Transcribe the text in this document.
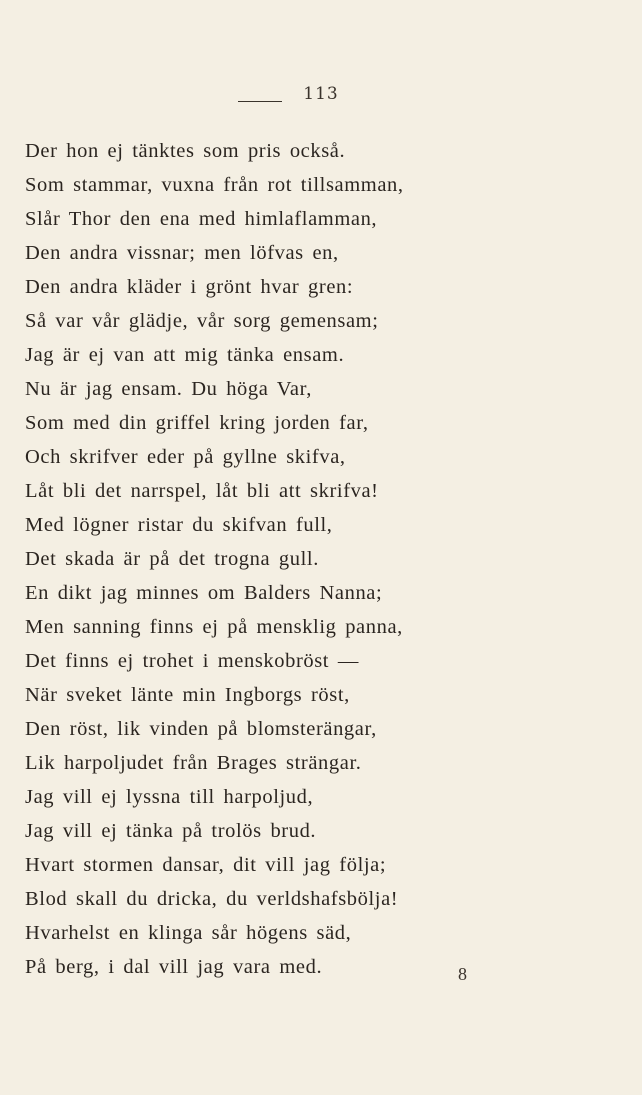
113
Der hon ej tänktes som pris också.
Som stammar, vuxna från rot tillsamman,
Slår Thor den ena med himlaflamman,
Den andra vissnar; men löfvas en,
Den andra kläder i grönt hvar gren:
Så var vår glädje, vår sorg gemensam;
Jag är ej van att mig tänka ensam.
Nu är jag ensam. Du höga Var,
Som med din griffel kring jorden far,
Och skrifver eder på gyllne skifva,
Låt bli det narrspel, låt bli att skrifva!
Med lögner ristar du skifvan full,
Det skada är på det trogna gull.
En dikt jag minnes om Balders Nanna;
Men sanning finns ej på mensklig panna,
Det finns ej trohet i menskobröst —
När sveket länte min Ingborgs röst,
Den röst, lik vinden på blomsterängar,
Lik harpoljudet från Brages strängar.
Jag vill ej lyssna till harpoljud,
Jag vill ej tänka på trolös brud.
Hvart stormen dansar, dit vill jag följa;
Blod skall du dricka, du verldshafsbölja!
Hvarhelst en klinga sår högens säd,
På berg, i dal vill jag vara med.	8
